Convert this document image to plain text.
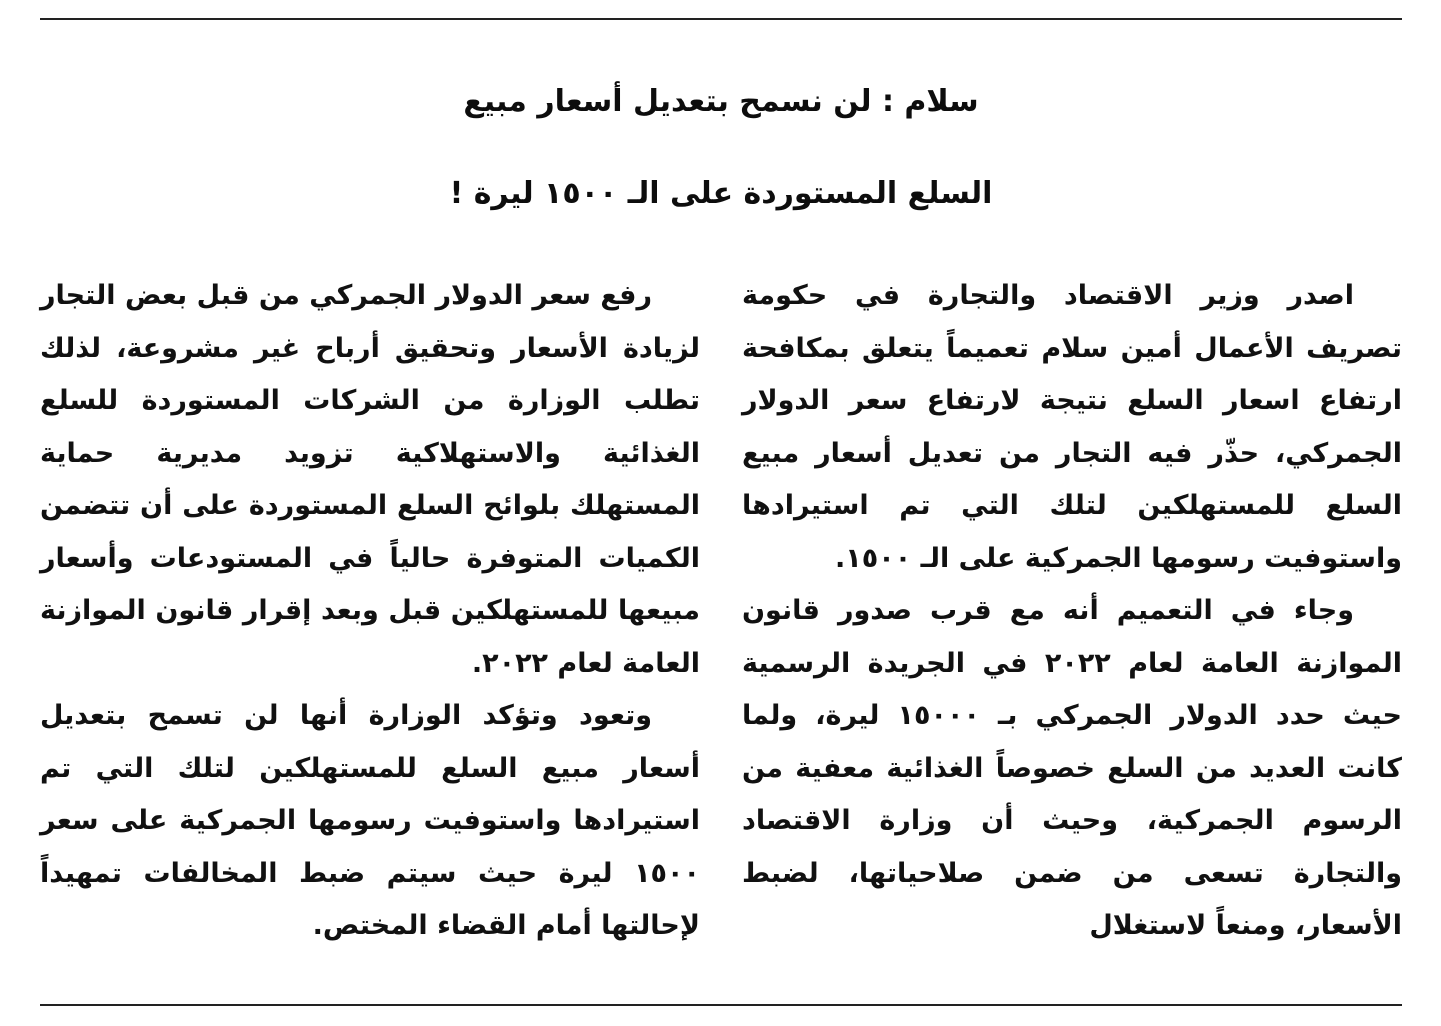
سلام : لن نسمح بتعديل أسعار مبيع
السلع المستوردة على الـ ١٥٠٠ ليرة !

اصدر وزير الاقتصاد والتجارة في حكومة تصريف الأعمال أمين سلام تعميماً يتعلق بمكافحة ارتفاع اسعار السلع نتيجة لارتفاع سعر الدولار الجمركي، حذّر فيه التجار من تعديل أسعار مبيع السلع للمستهلكين لتلك التي تم استيرادها واستوفيت رسومها الجمركية على الـ ١٥٠٠.

وجاء في التعميم أنه مع قرب صدور قانون الموازنة العامة لعام ٢٠٢٢ في الجريدة الرسمية حيث حدد الدولار الجمركي بـ ١٥٠٠٠ ليرة، ولما كانت العديد من السلع خصوصاً الغذائية معفية من الرسوم الجمركية، وحيث أن وزارة الاقتصاد والتجارة تسعى من ضمن صلاحياتها، لضبط الأسعار، ومنعاً لاستغلال

رفع سعر الدولار الجمركي من قبل بعض التجار لزيادة الأسعار وتحقيق أرباح غير مشروعة، لذلك تطلب الوزارة من الشركات المستوردة للسلع الغذائية والاستهلاكية تزويد مديرية حماية المستهلك بلوائح السلع المستوردة على أن تتضمن الكميات المتوفرة حالياً في المستودعات وأسعار مبيعها للمستهلكين قبل وبعد إقرار قانون الموازنة العامة لعام ٢٠٢٢.

وتعود وتؤكد الوزارة أنها لن تسمح بتعديل أسعار مبيع السلع للمستهلكين لتلك التي تم استيرادها واستوفيت رسومها الجمركية على سعر ١٥٠٠ ليرة حيث سيتم ضبط المخالفات تمهيداً لإحالتها أمام القضاء المختص.
